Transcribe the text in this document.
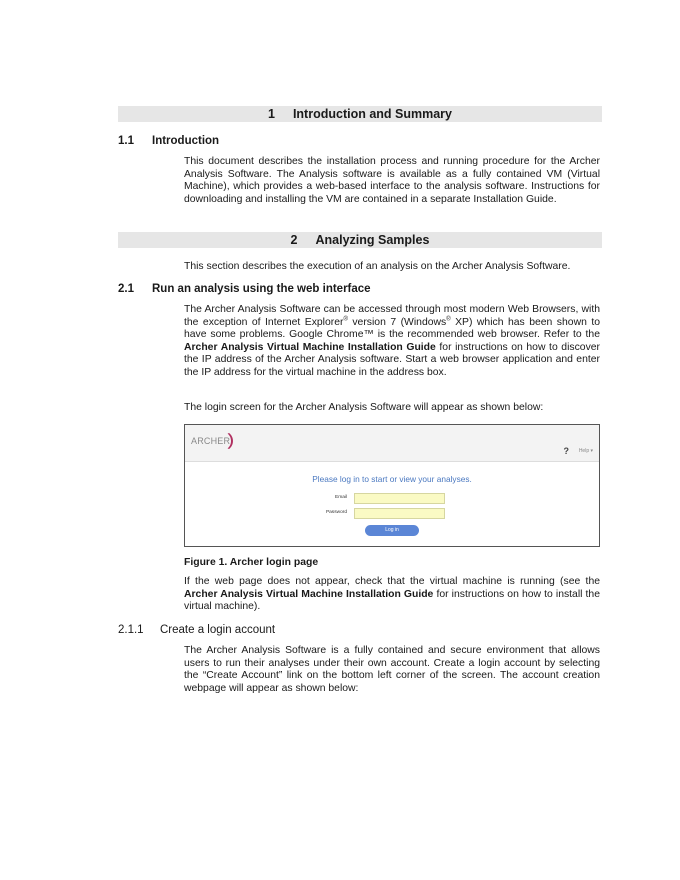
1 Introduction and Summary
1.1 Introduction

This document describes the installation process and running procedure for the Archer Analysis Software. The Analysis software is available as a fully contained VM (Virtual Machine), which provides a web-based interface to the analysis software. Instructions for downloading and installing the VM are contained in a separate Installation Guide.

2 Analyzing Samples

This section describes the execution of an analysis on the Archer Analysis Software.

2.1 Run an analysis using the web interface

The Archer Analysis Software can be accessed through most modern Web Browsers, with the exception of Internet Explorer® version 7 (Windows® XP) which has been shown to have some problems. Google Chrome™ is the recommended web browser. Refer to the Archer Analysis Virtual Machine Installation Guide for instructions on how to discover the IP address of the Archer Analysis software. Start a web browser application and enter the IP address for the virtual machine in the address box.

The login screen for the Archer Analysis Software will appear as shown below:

ARCHER
? Help ▾
Please log in to start or view your analyses.
Email
Password
Log in
Figure 1. Archer login page

If the web page does not appear, check that the virtual machine is running (see the Archer Analysis Virtual Machine Installation Guide for instructions on how to install the virtual machine).

2.1.1 Create a login account

The Archer Analysis Software is a fully contained and secure environment that allows users to run their analyses under their own account. Create a login account by selecting the “Create Account” link on the bottom left corner of the screen. The account creation webpage will appear as shown below:
